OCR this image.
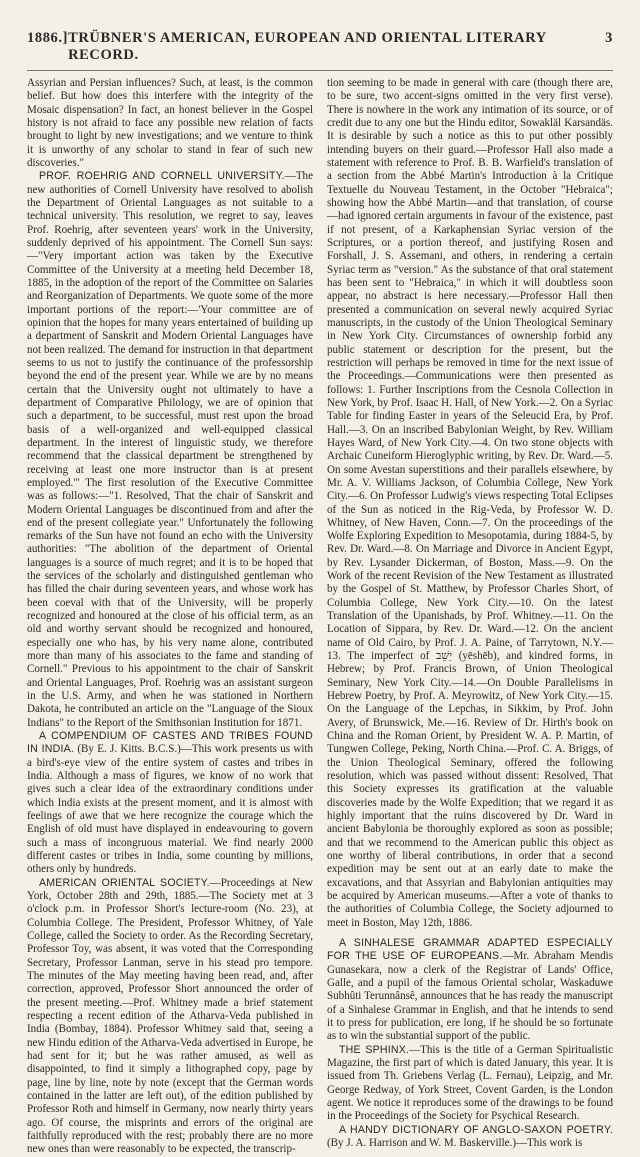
1886.] TRÜBNER'S AMERICAN, EUROPEAN AND ORIENTAL LITERARY RECORD.
3

Assyrian and Persian influences? Such, at least, is the common belief. But how does this interfere with the integrity of the Mosaic dispensation? In fact, an honest believer in the Gospel history is not afraid to face any possible new relation of facts brought to light by new investigations; and we venture to think it is unworthy of any scholar to stand in fear of such new discoveries."

PROF. ROEHRIG AND CORNELL UNIVERSITY.—The new authorities of Cornell University have resolved to abolish the Department of Oriental Languages as not suitable to a technical university. This resolution, we regret to say, leaves Prof. Roehrig, after seventeen years' work in the University, suddenly deprived of his appointment. The Cornell Sun says:—"Very important action was taken by the Executive Committee of the University at a meeting held December 18, 1885, in the adoption of the report of the Committee on Salaries and Reorganization of Departments. We quote some of the more important portions of the report:—'Your committee are of opinion that the hopes for many years entertained of building up a department of Sanskrit and Modern Oriental Languages have not been realized. The demand for instruction in that department seems to us not to justify the continuance of the professorship beyond the end of the present year. While we are by no means certain that the University ought not ultimately to have a department of Comparative Philology, we are of opinion that such a department, to be successful, must rest upon the broad basis of a well-organized and well-equipped classical department. In the interest of linguistic study, we therefore recommend that the classical department be strengthened by receiving at least one more instructor than is at present employed.'" The first resolution of the Executive Committee was as follows:—"1. Resolved, That the chair of Sanskrit and Modern Oriental Languages be discontinued from and after the end of the present collegiate year." Unfortunately the following remarks of the Sun have not found an echo with the University authorities: "The abolition of the department of Oriental languages is a source of much regret; and it is to be hoped that the services of the scholarly and distinguished gentleman who has filled the chair during seventeen years, and whose work has been coeval with that of the University, will be properly recognized and honoured at the close of his official term, as an old and worthy servant should be recognized and honoured, especially one who has, by his very name alone, contributed more than many of his associates to the fame and standing of Cornell." Previous to his appointment to the chair of Sanskrit and Oriental Languages, Prof. Roehrig was an assistant surgeon in the U.S. Army, and when he was stationed in Northern Dakota, he contributed an article on the "Language of the Sioux Indians" to the Report of the Smithsonian Institution for 1871.

A COMPENDIUM OF CASTES AND TRIBES FOUND IN INDIA. (By E. J. Kitts. B.C.S.)—This work presents us with a bird's-eye view of the entire system of castes and tribes in India. Although a mass of figures, we know of no work that gives such a clear idea of the extraordinary conditions under which India exists at the present moment, and it is almost with feelings of awe that we here recognize the courage which the English of old must have displayed in endeavouring to govern such a mass of incongruous material. We find nearly 2000 different castes or tribes in India, some counting by millions, others only by hundreds.

AMERICAN ORIENTAL SOCIETY.—Proceedings at New York, October 28th and 29th, 1885.—The Society met at 3 o'clock p.m. in Professor Short's lecture-room (No. 23), at Columbia College. The President, Professor Whitney, of Yale College, called the Society to order. As the Recording Secretary, Professor Toy, was absent, it was voted that the Corresponding Secretary, Professor Lanman, serve in his stead pro tempore. The minutes of the May meeting having been read, and, after correction, approved, Professor Short announced the order of the present meeting.—Prof. Whitney made a brief statement respecting a recent edition of the Atharva-Veda published in India (Bombay, 1884). Professor Whitney said that, seeing a new Hindu edition of the Atharva-Veda advertised in Europe, he had sent for it; but he was rather amused, as well as disappointed, to find it simply a lithographed copy, page by page, line by line, note by note (except that the German words contained in the latter are left out), of the edition published by Professor Roth and himself in Germany, now nearly thirty years ago. Of course, the misprints and errors of the original are faithfully reproduced with the rest; probably there are no more new ones than were reasonably to be expected, the transcrip-

tion seeming to be made in general with care (though there are, to be sure, two accent-signs omitted in the very first verse). There is nowhere in the work any intimation of its source, or of credit due to any one but the Hindu editor, Sowakläl Karsandäs. It is desirable by such a notice as this to put other possibly intending buyers on their guard.—Professor Hall also made a statement with reference to Prof. B. B. Warfield's translation of a section from the Abbé Martin's Introduction à la Critique Textuelle du Nouveau Testament, in the October "Hebraica"; showing how the Abbé Martin—and that translation, of course—had ignored certain arguments in favour of the existence, past if not present, of a Karkaphensian Syriac version of the Scriptures, or a portion thereof, and justifying Rosen and Forshall, J. S. Assemani, and others, in rendering a certain Syriac term as "version." As the substance of that oral statement has been sent to "Hebraica," in which it will doubtless soon appear, no abstract is here necessary.—Professor Hall then presented a communication on several newly acquired Syriac manuscripts, in the custody of the Union Theological Seminary in New York City. Circumstances of ownership forbid any public statement or description for the present, but the restriction will perhaps be removed in time for the next issue of the Proceedings.—Communications were then presented as follows: 1. Further Inscriptions from the Cesnola Collection in New York, by Prof. Isaac H. Hall, of New York.—2. On a Syriac Table for finding Easter in years of the Seleucid Era, by Prof. Hall.—3. On an inscribed Babylonian Weight, by Rev. William Hayes Ward, of New York City.—4. On two stone objects with Archaic Cuneiform Hieroglyphic writing, by Rev. Dr. Ward.—5. On some Avestan superstitions and their parallels elsewhere, by Mr. A. V. Williams Jackson, of Columbia College, New York City.—6. On Professor Ludwig's views respecting Total Eclipses of the Sun as noticed in the Rig-Veda, by Professor W. D. Whitney, of New Haven, Conn.—7. On the proceedings of the Wolfe Exploring Expedition to Mesopotamia, during 1884-5, by Rev. Dr. Ward.—8. On Marriage and Divorce in Ancient Egypt, by Rev. Lysander Dickerman, of Boston, Mass.—9. On the Work of the recent Revision of the New Testament as illustrated by the Gospel of St. Matthew, by Professor Charles Short, of Columbia College, New York City.—10. On the latest Translation of the Upanishads, by Prof. Whitney.—11. On the Location of Sippara, by Rev. Dr. Ward.—12. On the ancient name of Old Cairo, by Prof. J. A. Paine, of Tarrytown, N.Y.—13. The imperfect of יֵשֵׁב (yēshēb), and kindred forms, in Hebrew; by Prof. Francis Brown, of Union Theological Seminary, New York City.—14.—On Double Parallelisms in Hebrew Poetry, by Prof. A. Meyrowitz, of New York City.—15. On the Language of the Lepchas, in Sikkim, by Prof. John Avery, of Brunswick, Me.—16. Review of Dr. Hirth's book on China and the Roman Orient, by President W. A. P. Martin, of Tungwen College, Peking, North China.—Prof. C. A. Briggs, of the Union Theological Seminary, offered the following resolution, which was passed without dissent: Resolved, That this Society expresses its gratification at the valuable discoveries made by the Wolfe Expedition; that we regard it as highly important that the ruins discovered by Dr. Ward in ancient Babylonia be thoroughly explored as soon as possible; and that we recommend to the American public this object as one worthy of liberal contributions, in order that a second expedition may be sent out at an early date to make the excavations, and that Assyrian and Babylonian antiquities may be acquired by American museums.—After a vote of thanks to the authorities of Columbia College, the Society adjourned to meet in Boston, May 12th, 1886.

A SINHALESE GRAMMAR ADAPTED ESPECIALLY FOR THE USE OF EUROPEANS.—Mr. Abraham Mendis Gunasekara, now a clerk of the Registrar of Lands' Office, Galle, and a pupil of the famous Oriental scholar, Waskaduwe Subhûti Terunnânsê, announces that he has ready the manuscript of a Sinhalese Grammar in English, and that he intends to send it to press for publication, ere long, if he should be so fortunate as to win the substantial support of the public.

THE SPHINX.—This is the title of a German Spiritualistic Magazine, the first part of which is dated January, this year. It is issued from Th. Griebens Verlag (L. Fernau), Leipzig, and Mr. George Redway, of York Street, Covent Garden, is the London agent. We notice it reproduces some of the drawings to be found in the Proceedings of the Society for Psychical Research.

A HANDY DICTIONARY OF ANGLO-SAXON POETRY. (By J. A. Harrison and W. M. Baskerville.)—This work is
